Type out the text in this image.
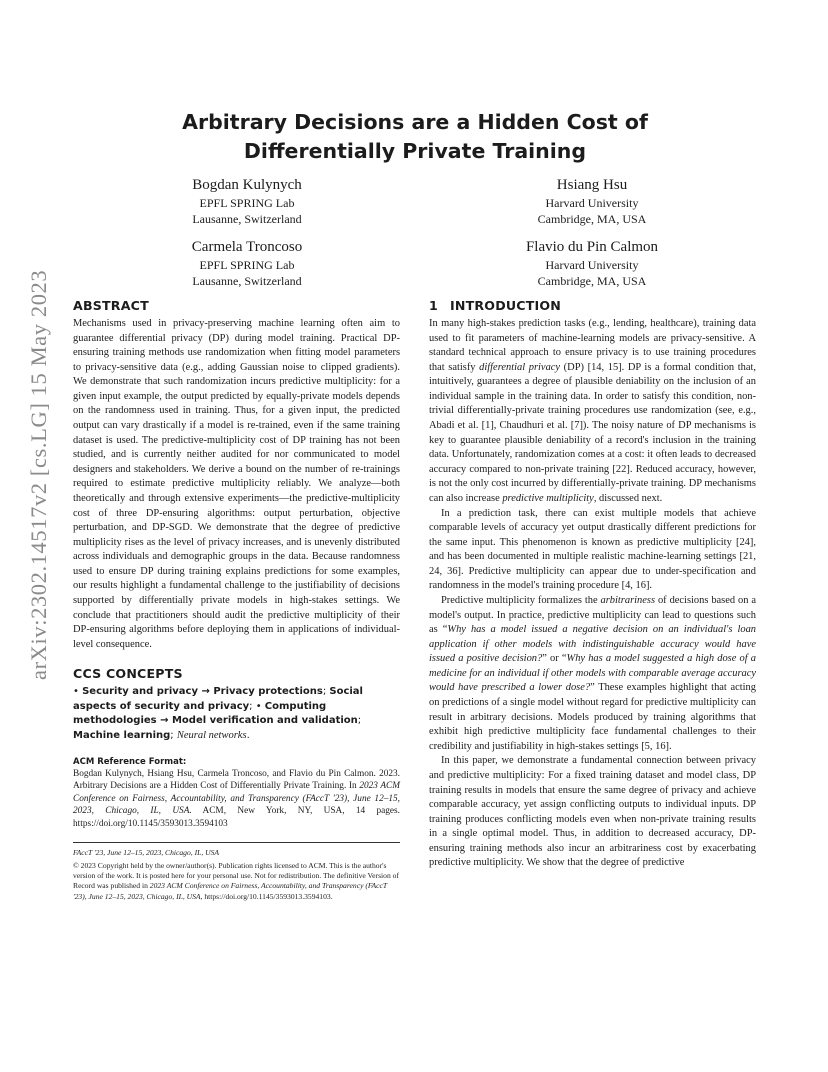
arXiv:2302.14517v2 [cs.LG] 15 May 2023
Arbitrary Decisions are a Hidden Cost of
Differentially Private Training
Bogdan Kulynych
EPFL SPRING Lab
Lausanne, Switzerland
Hsiang Hsu
Harvard University
Cambridge, MA, USA
Carmela Troncoso
EPFL SPRING Lab
Lausanne, Switzerland
Flavio du Pin Calmon
Harvard University
Cambridge, MA, USA
ABSTRACT

Mechanisms used in privacy-preserving machine learning often aim to guarantee differential privacy (DP) during model training. Practical DP-ensuring training methods use randomization when fitting model parameters to privacy-sensitive data (e.g., adding Gaussian noise to clipped gradients). We demonstrate that such randomization incurs predictive multiplicity: for a given input example, the output predicted by equally-private models depends on the randomness used in training. Thus, for a given input, the predicted output can vary drastically if a model is re-trained, even if the same training dataset is used. The predictive-multiplicity cost of DP training has not been studied, and is currently neither audited for nor communicated to model designers and stakeholders. We derive a bound on the number of re-trainings required to estimate predictive multiplicity reliably. We analyze—both theoretically and through extensive experiments—the predictive-multiplicity cost of three DP-ensuring algorithms: output perturbation, objective perturbation, and DP-SGD. We demonstrate that the degree of predictive multiplicity rises as the level of privacy increases, and is unevenly distributed across individuals and demographic groups in the data. Because randomness used to ensure DP during training explains predictions for some examples, our results highlight a fundamental challenge to the justifiability of decisions supported by differentially private models in high-stakes settings. We conclude that practitioners should audit the predictive multiplicity of their DP-ensuring algorithms before deploying them in applications of individual-level consequence.

CCS CONCEPTS
• Security and privacy → Privacy protections; Social aspects of security and privacy; • Computing methodologies → Model verification and validation; Machine learning; Neural networks.
ACM Reference Format:
Bogdan Kulynych, Hsiang Hsu, Carmela Troncoso, and Flavio du Pin Calmon. 2023. Arbitrary Decisions are a Hidden Cost of Differentially Private Training. In 2023 ACM Conference on Fairness, Accountability, and Transparency (FAccT '23), June 12–15, 2023, Chicago, IL, USA. ACM, New York, NY, USA, 14 pages. https://doi.org/10.1145/3593013.3594103
FAccT '23, June 12–15, 2023, Chicago, IL, USA
© 2023 Copyright held by the owner/author(s). Publication rights licensed to ACM. This is the author's version of the work. It is posted here for your personal use. Not for redistribution. The definitive Version of Record was published in 2023 ACM Conference on Fairness, Accountability, and Transparency (FAccT '23), June 12–15, 2023, Chicago, IL, USA, https://doi.org/10.1145/3593013.3594103.
1 INTRODUCTION

In many high-stakes prediction tasks (e.g., lending, healthcare), training data used to fit parameters of machine-learning models are privacy-sensitive. A standard technical approach to ensure privacy is to use training procedures that satisfy differential privacy (DP) [14, 15]. DP is a formal condition that, intuitively, guarantees a degree of plausible deniability on the inclusion of an individual sample in the training data. In order to satisfy this condition, non-trivial differentially-private training procedures use randomization (see, e.g., Abadi et al. [1], Chaudhuri et al. [7]). The noisy nature of DP mechanisms is key to guarantee plausible deniability of a record's inclusion in the training data. Unfortunately, randomization comes at a cost: it often leads to decreased accuracy compared to non-private training [22]. Reduced accuracy, however, is not the only cost incurred by differentially-private training. DP mechanisms can also increase predictive multiplicity, discussed next.

In a prediction task, there can exist multiple models that achieve comparable levels of accuracy yet output drastically different predictions for the same input. This phenomenon is known as predictive multiplicity [24], and has been documented in multiple realistic machine-learning settings [21, 24, 36]. Predictive multiplicity can appear due to under-specification and randomness in the model's training procedure [4, 16].

Predictive multiplicity formalizes the arbitrariness of decisions based on a model's output. In practice, predictive multiplicity can lead to questions such as “Why has a model issued a negative decision on an individual's loan application if other models with indistinguishable accuracy would have issued a positive decision?” or “Why has a model suggested a high dose of a medicine for an individual if other models with comparable average accuracy would have prescribed a lower dose?” These examples highlight that acting on predictions of a single model without regard for predictive multiplicity can result in arbitrary decisions. Models produced by training algorithms that exhibit high predictive multiplicity face fundamental challenges to their credibility and justifiability in high-stakes settings [5, 16].

In this paper, we demonstrate a fundamental connection between privacy and predictive multiplicity: For a fixed training dataset and model class, DP training results in models that ensure the same degree of privacy and achieve comparable accuracy, yet assign conflicting outputs to individual inputs. DP training produces conflicting models even when non-private training results in a single optimal model. Thus, in addition to decreased accuracy, DP-ensuring training methods also incur an arbitrariness cost by exacerbating predictive multiplicity. We show that the degree of predictive
